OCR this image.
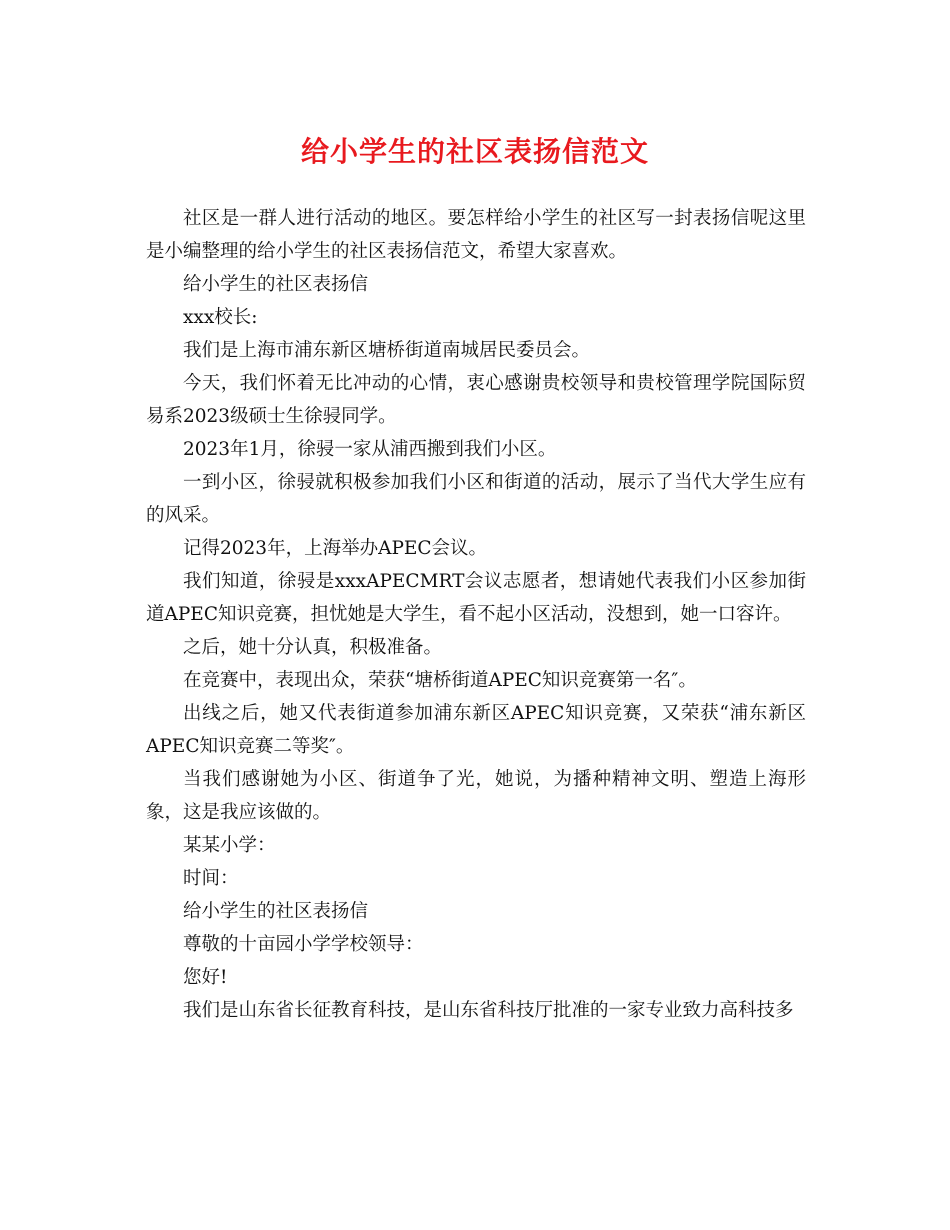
给小学生的社区表扬信范文

社区是一群人进行活动的地区。要怎样给小学生的社区写一封表扬信呢这里是小编整理的给小学生的社区表扬信范文，希望大家喜欢。

给小学生的社区表扬信

xxx校长:

我们是上海市浦东新区塘桥街道南城居民委员会。

今天，我们怀着无比冲动的心情，衷心感谢贵校领导和贵校管理学院国际贸易系2023级硕士生徐骎同学。

2023年1月，徐骎一家从浦西搬到我们小区。

一到小区，徐骎就积极参加我们小区和街道的活动，展示了当代大学生应有的风采。

记得2023年，上海举办APEC会议。

我们知道，徐骎是xxxAPECMRT会议志愿者，想请她代表我们小区参加街道APEC知识竞赛，担忧她是大学生，看不起小区活动，没想到，她一口容许。

之后，她十分认真，积极准备。

在竞赛中，表现出众，荣获“塘桥街道APEC知识竞赛第一名″。

出线之后，她又代表街道参加浦东新区APEC知识竞赛，又荣获“浦东新区APEC知识竞赛二等奖″。

当我们感谢她为小区、街道争了光，她说，为播种精神文明、塑造上海形象，这是我应该做的。

某某小学：

时间：

给小学生的社区表扬信

尊敬的十亩园小学学校领导：

您好!

我们是山东省长征教育科技，是山东省科技厅批准的一家专业致力高科技多
